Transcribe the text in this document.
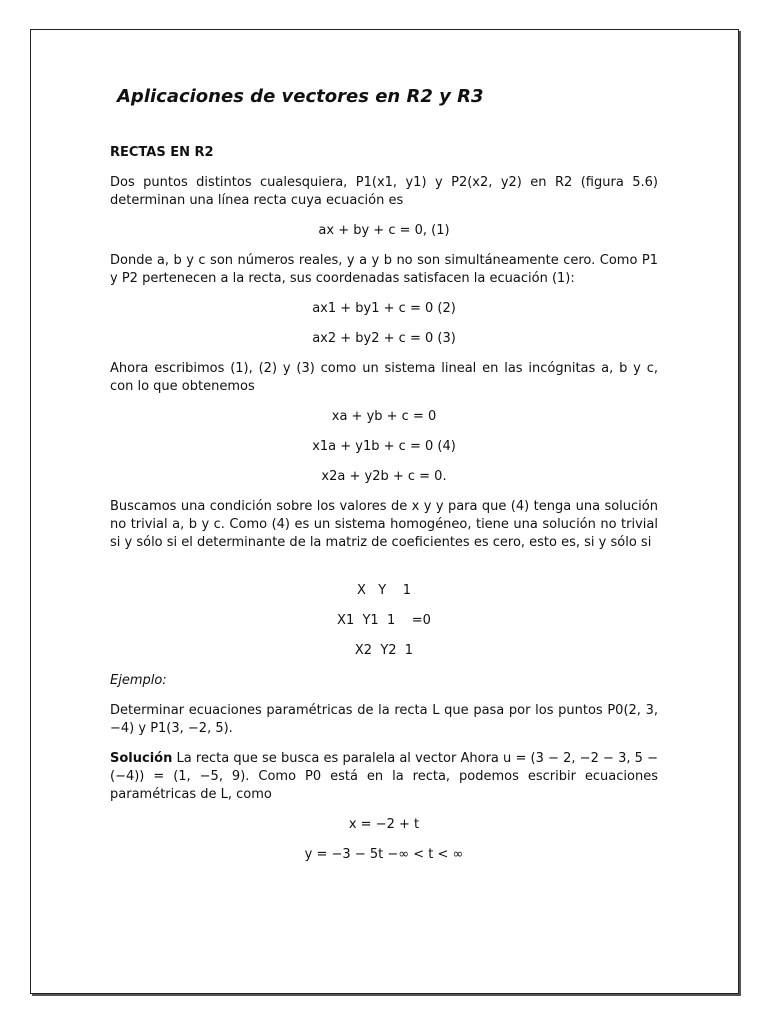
Aplicaciones de vectores en R2 y R3
RECTAS EN R2

Dos puntos distintos cualesquiera, P1(x1, y1) y P2(x2, y2) en R2 (figura 5.6) determinan una línea recta cuya ecuación es

ax + by + c = 0, (1)

Donde a, b y c son números reales, y a y b no son simultáneamente cero. Como P1 y P2 pertenecen a la recta, sus coordenadas satisfacen la ecuación (1):

ax1 + by1 + c = 0 (2)
ax2 + by2 + c = 0 (3)

Ahora escribimos (1), (2) y (3) como un sistema lineal en las incógnitas a, b y c, con lo que obtenemos

xa + yb + c = 0
x1a + y1b + c = 0 (4)
x2a + y2b + c = 0.

Buscamos una condición sobre los valores de x y y para que (4) tenga una solución no trivial a, b y c. Como (4) es un sistema homogéneo, tiene una solución no trivial si y sólo si el determinante de la matriz de coeficientes es cero, esto es, si y sólo si

X   Y    1
X1  Y1  1    =0
X2  Y2  1

Ejemplo:

Determinar ecuaciones paramétricas de la recta L que pasa por los puntos P0(2, 3, −4) y P1(3, −2, 5).

Solución La recta que se busca es paralela al vector Ahora u = (3 − 2, −2 − 3, 5 − (−4)) = (1, −5, 9). Como P0 está en la recta, podemos escribir ecuaciones paramétricas de L, como

x = −2 + t
y = −3 − 5t −∞ < t < ∞
